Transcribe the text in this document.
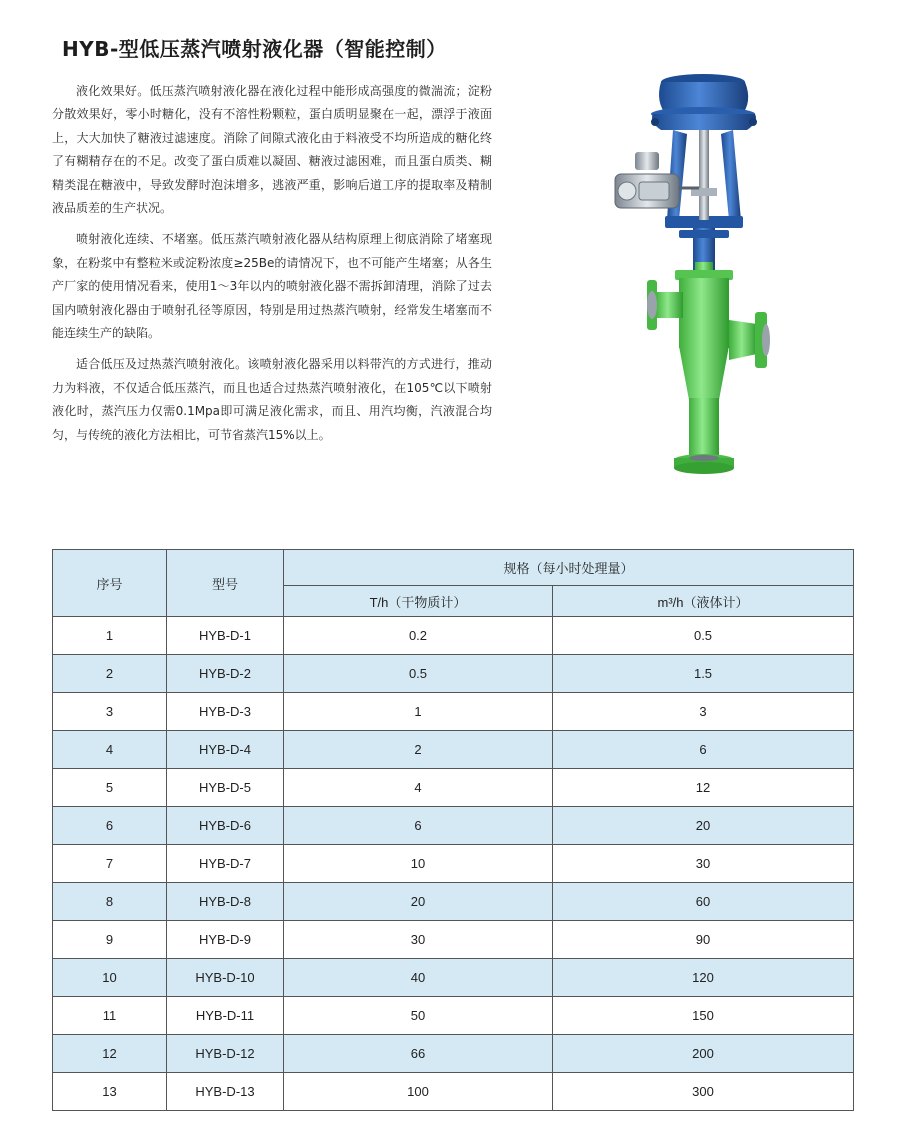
HYB-型低压蒸汽喷射液化器（智能控制）

液化效果好。低压蒸汽喷射液化器在液化过程中能形成高强度的微湍流；淀粉分散效果好，零小时糖化，没有不溶性粉颗粒，蛋白质明显聚在一起，漂浮于液面上，大大加快了糖液过滤速度。消除了间隙式液化由于料液受不均所造成的糖化终了有糊精存在的不足。改变了蛋白质难以凝固、糖液过滤困难，而且蛋白质类、糊精类混在糖液中，导致发酵时泡沫增多，逃液严重，影响后道工序的提取率及精制液品质差的生产状况。

喷射液化连续、不堵塞。低压蒸汽喷射液化器从结构原理上彻底消除了堵塞现象，在粉浆中有整粒米或淀粉浓度≥25Be的请情况下，也不可能产生堵塞；从各生产厂家的使用情况看来，使用1～3年以内的喷射液化器不需拆卸清理，消除了过去国内喷射液化器由于喷射孔径等原因，特别是用过热蒸汽喷射，经常发生堵塞而不能连续生产的缺陷。

适合低压及过热蒸汽喷射液化。该喷射液化器采用以料带汽的方式进行，推动力为料液，不仅适合低压蒸汽，而且也适合过热蒸汽喷射液化，在105℃以下喷射液化时，蒸汽压力仅需0.1Mpa即可满足液化需求，而且、用汽均衡，汽液混合均匀，与传统的液化方法相比，可节省蒸汽15%以上。

序号	型号	规格（每小时处理量）	
		T/h（干物质计）	m³/h（液体计）
1	HYB-D-1	0.2	0.5
2	HYB-D-2	0.5	1.5
3	HYB-D-3	1	3
4	HYB-D-4	2	6
5	HYB-D-5	4	12
6	HYB-D-6	6	20
7	HYB-D-7	10	30
8	HYB-D-8	20	60
9	HYB-D-9	30	90
10	HYB-D-10	40	120
11	HYB-D-11	50	150
12	HYB-D-12	66	200
13	HYB-D-13	100	300
